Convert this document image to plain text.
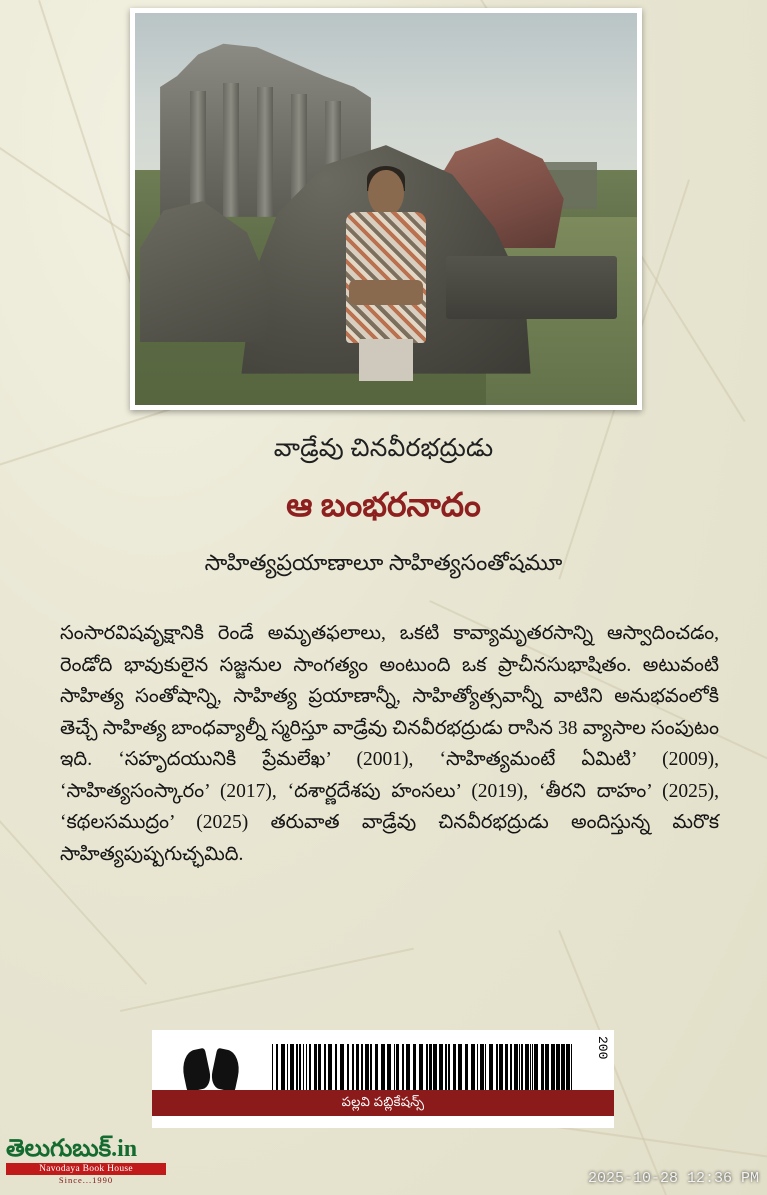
వాడ్రేవు చినవీరభద్రుడు
ఆ బంభరనాదం
సాహిత్యప్రయాణాలూ సాహిత్యసంతోషమూ
సంసారవిషవృక్షానికి రెండే అమృతఫలాలు, ఒకటి కావ్యామృతరసాన్ని ఆస్వాదించడం, రెండోది భావుకులైన సజ్జనుల సాంగత్యం అంటుంది ఒక ప్రాచీనసుభాషితం. అటువంటి సాహిత్య సంతోషాన్ని, సాహిత్య ప్రయాణాన్నీ, సాహిత్యోత్సవాన్నీ వాటిని అనుభవంలోకి తెచ్చే సాహిత్య బాంధవ్యాల్నీ స్మరిస్తూ వాడ్రేవు చినవీరభద్రుడు రాసిన 38 వ్యాసాల సంపుటం ఇది. ‘సహృదయునికి ప్రేమలేఖ’ (2001), ‘సాహిత్యమంటే ఏమిటి’ (2009), ‘సాహిత్యసంస్కారం’ (2017), ‘దశార్ణదేశపు హంసలు’ (2019), ‘తీరని దాహం’ (2025), ‘కథలసముద్రం’ (2025) తరువాత వాడ్రేవు చినవీరభద్రుడు అందిస్తున్న మరొక సాహిత్యపుష్పగుచ్ఛమిది.
200
పల్లవి పబ్లికేషన్స్
తెలుగుబుక్.in
Navodaya Book House
Since...1990	2025-10-28 12:36 PM
